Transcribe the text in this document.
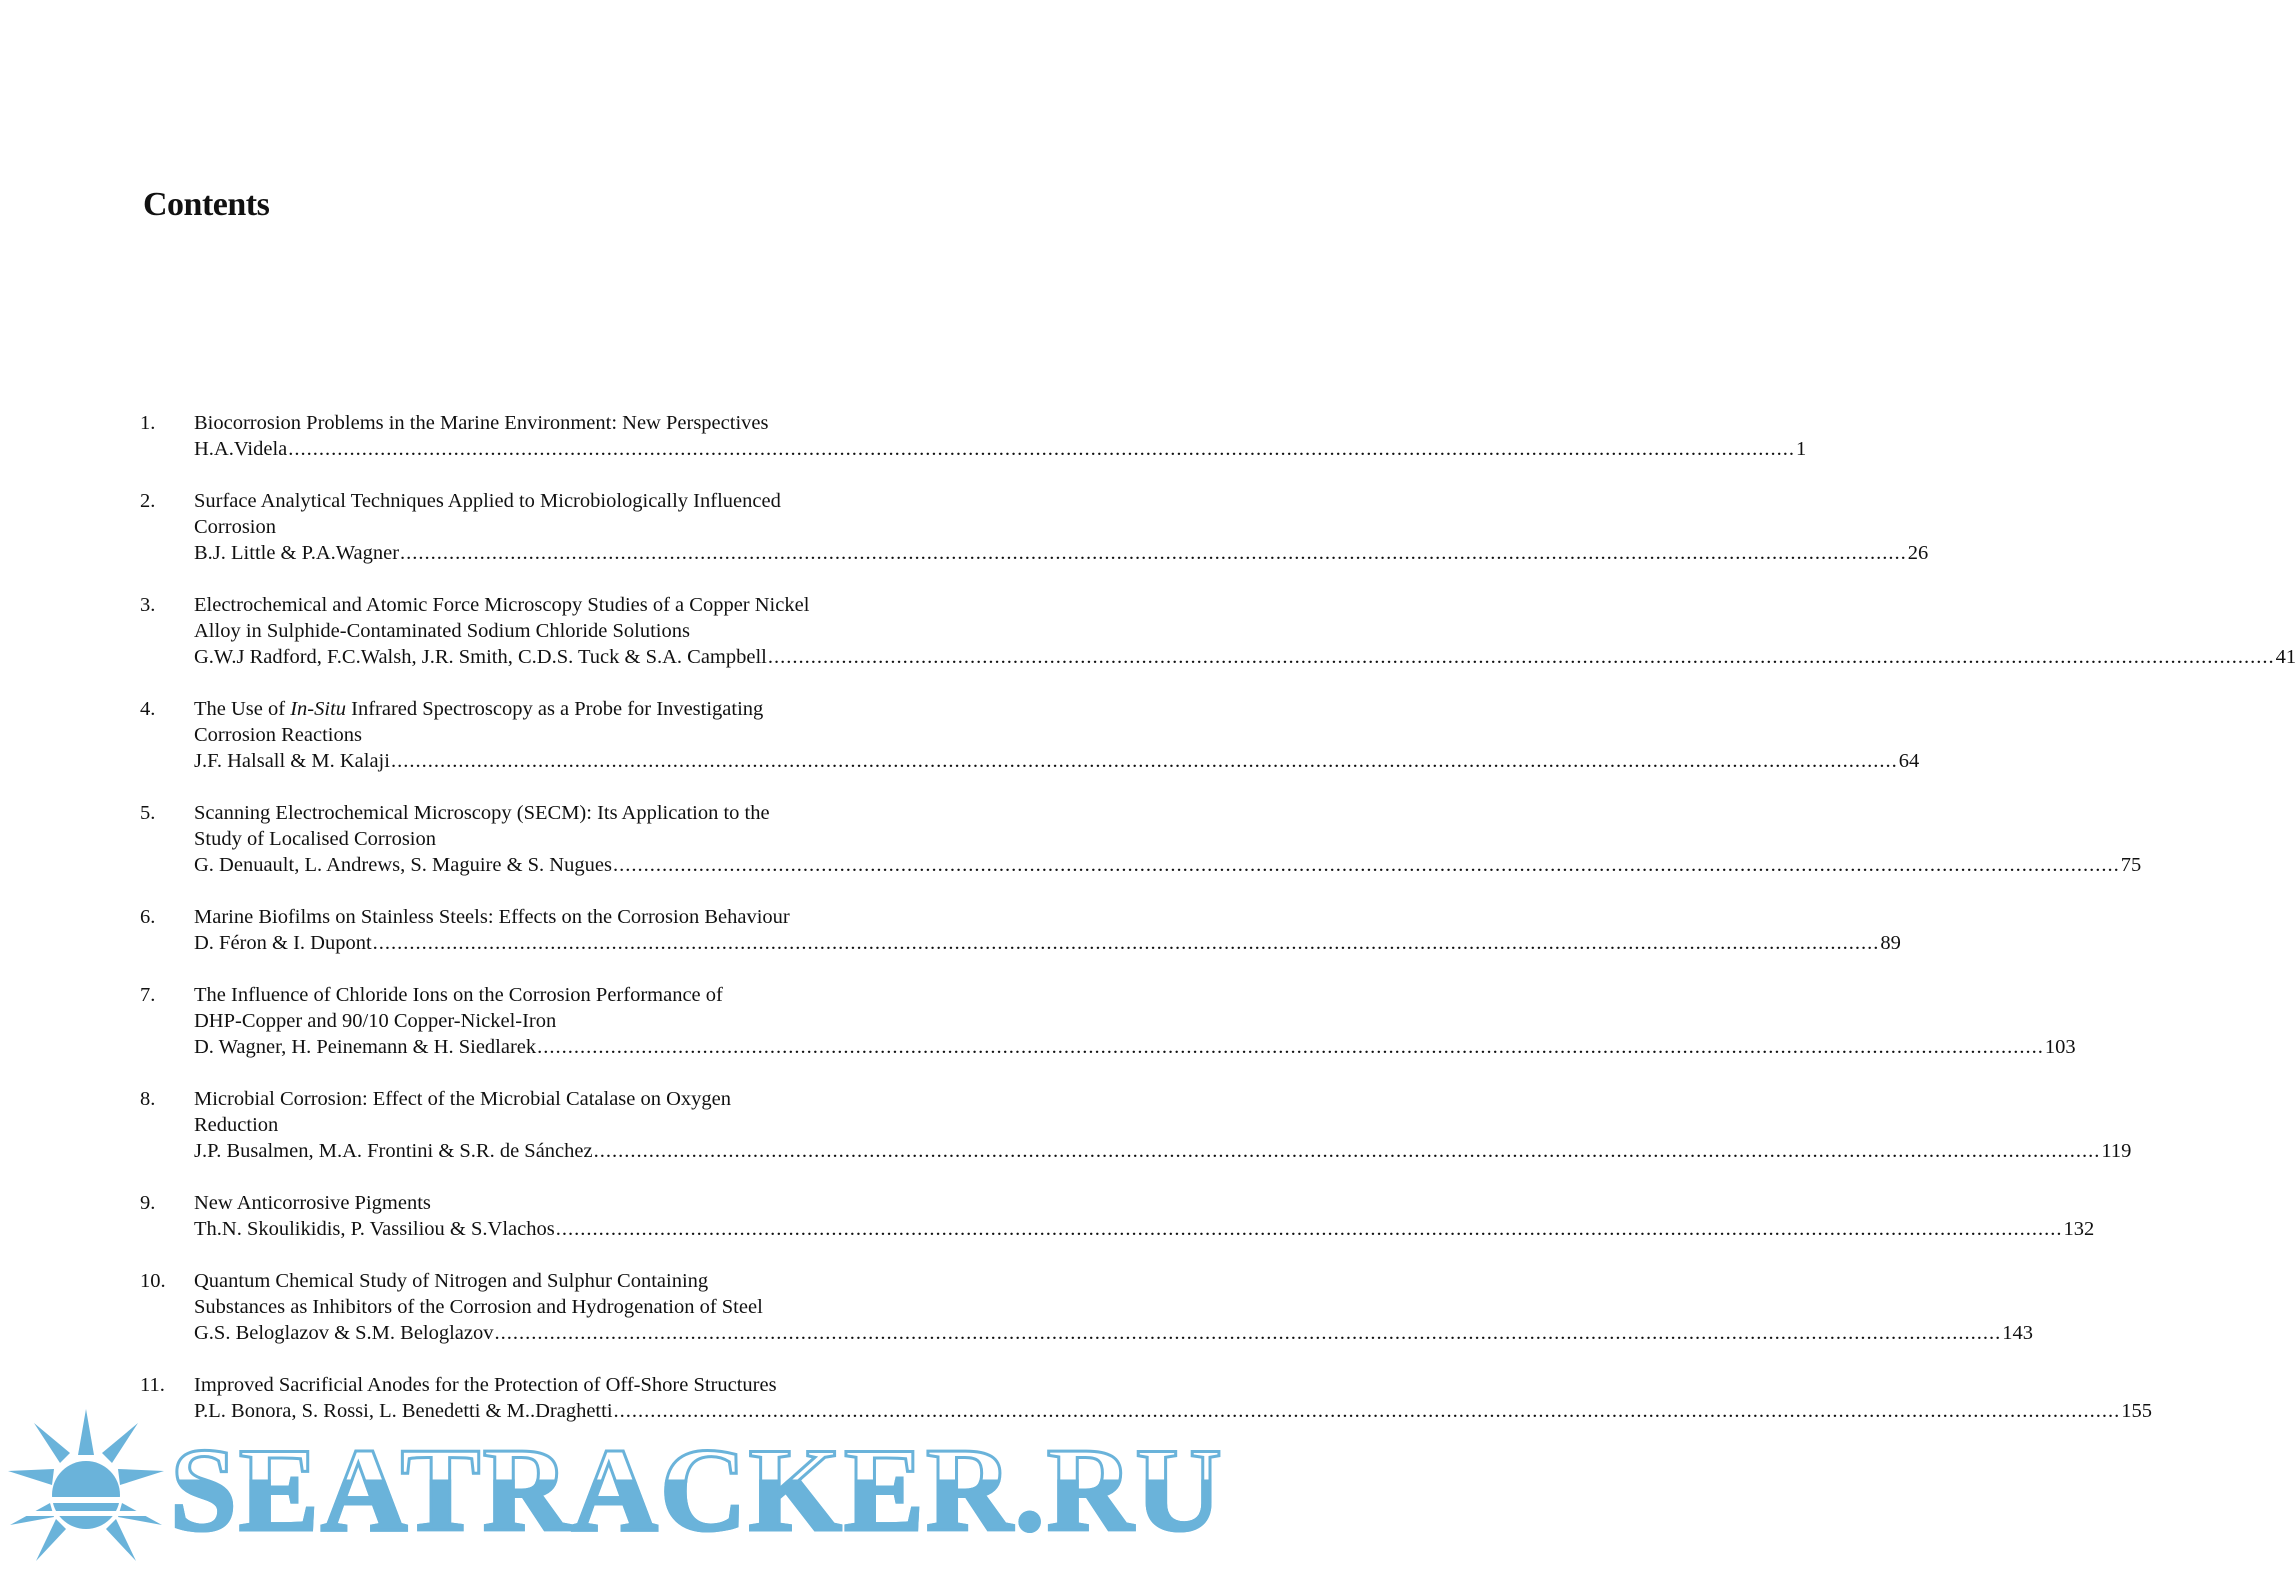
Contents
1.	Biocorrosion Problems in the Marine Environment: New Perspectives
H.A.Videla .....	1
2.	Surface Analytical Techniques Applied to Microbiologically Influenced
Corrosion
B.J. Little & P.A.Wagner .....	26
3.	Electrochemical and Atomic Force Microscopy Studies of a Copper Nickel
Alloy in Sulphide-Contaminated Sodium Chloride Solutions
G.W.J Radford, F.C.Walsh, J.R. Smith, C.D.S. Tuck & S.A. Campbell .....	41
4.	The Use of In-Situ Infrared Spectroscopy as a Probe for Investigating
Corrosion Reactions
J.F. Halsall & M. Kalaji .....	64
5.	Scanning Electrochemical Microscopy (SECM): Its Application to the
Study of Localised Corrosion
G. Denuault, L. Andrews, S. Maguire & S. Nugues .....	75
6.	Marine Biofilms on Stainless Steels: Effects on the Corrosion Behaviour
D. Féron & I. Dupont .....	89
7.	The Influence of Chloride Ions on the Corrosion Performance of
DHP-Copper and 90/10 Copper-Nickel-Iron
D. Wagner, H. Peinemann & H. Siedlarek .....	103
8.	Microbial Corrosion: Effect of the Microbial Catalase on Oxygen
Reduction
J.P. Busalmen, M.A. Frontini & S.R. de Sánchez .....	119
9.	New Anticorrosive Pigments
Th.N. Skoulikidis, P. Vassiliou & S.Vlachos .....	132
10.	Quantum Chemical Study of Nitrogen and Sulphur Containing
Substances as Inhibitors of the Corrosion and Hydrogenation of Steel
G.S. Beloglazov & S.M. Beloglazov .....	143
11.	Improved Sacrificial Anodes for the Protection of Off-Shore Structures
P.L. Bonora, S. Rossi, L. Benedetti & M..Draghetti .....	155
SEATRACKER.RU
